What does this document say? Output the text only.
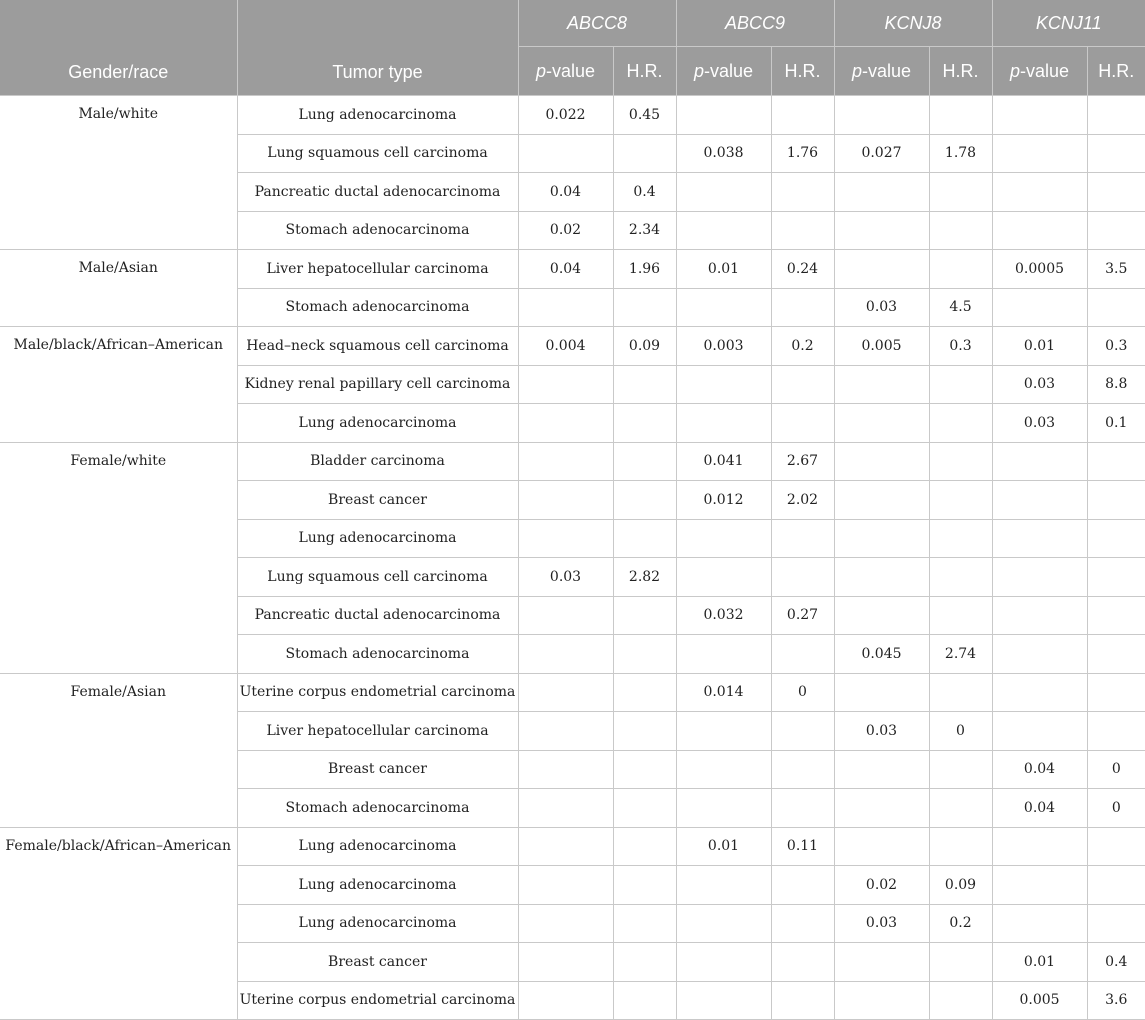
Gender/race	Tumor type	ABCC8		ABCC9		KCNJ8		KCNJ11	
		p-value	H.R.	p-value	H.R.	p-value	H.R.	p-value	H.R.
Male/white	Lung adenocarcinoma	0.022	0.45						
	Lung squamous cell carcinoma			0.038	1.76	0.027	1.78		
	Pancreatic ductal adenocarcinoma	0.04	0.4						
	Stomach adenocarcinoma	0.02	2.34						
Male/Asian	Liver hepatocellular carcinoma	0.04	1.96	0.01	0.24			0.0005	3.5
	Stomach adenocarcinoma					0.03	4.5		
Male/black/African–American	Head–neck squamous cell carcinoma	0.004	0.09	0.003	0.2	0.005	0.3	0.01	0.3
	Kidney renal papillary cell carcinoma							0.03	8.8
	Lung adenocarcinoma							0.03	0.1
Female/white	Bladder carcinoma			0.041	2.67				
	Breast cancer			0.012	2.02				
	Lung adenocarcinoma								
	Lung squamous cell carcinoma	0.03	2.82						
	Pancreatic ductal adenocarcinoma			0.032	0.27				
	Stomach adenocarcinoma					0.045	2.74		
Female/Asian	Uterine corpus endometrial carcinoma			0.014	0				
	Liver hepatocellular carcinoma					0.03	0		
	Breast cancer							0.04	0
	Stomach adenocarcinoma							0.04	0
Female/black/African–American	Lung adenocarcinoma			0.01	0.11				
	Lung adenocarcinoma					0.02	0.09		
	Lung adenocarcinoma					0.03	0.2		
	Breast cancer							0.01	0.4
	Uterine corpus endometrial carcinoma							0.005	3.6
